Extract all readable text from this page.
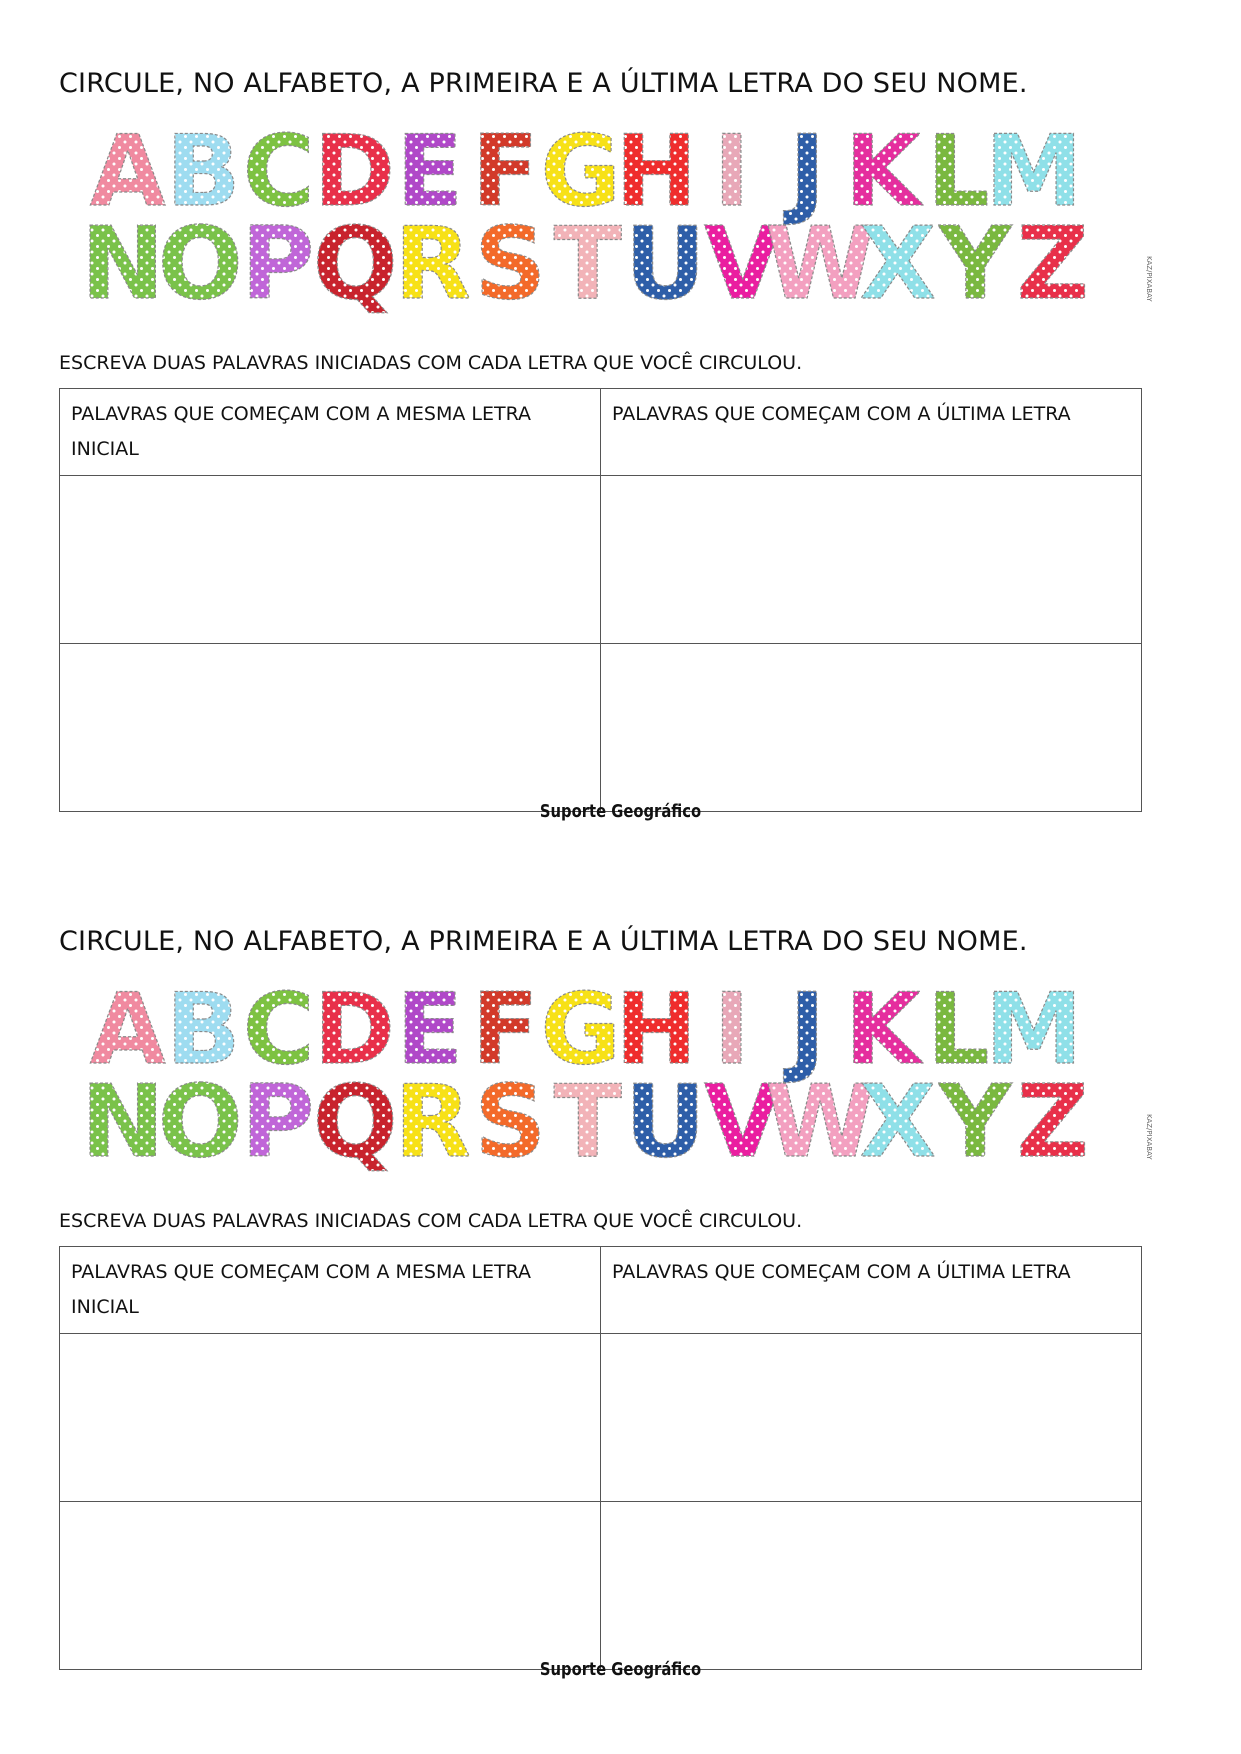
CIRCULE, NO ALFABETO, A PRIMEIRA E A ÚLTIMA LETRA DO SEU NOME.
A B C
D E F G
H I J K L
M
N
O
P
Q
R S T U
V
W
X Y Z	KAZ/PIXABAY
ESCREVA DUAS PALAVRAS INICIADAS COM CADA LETRA QUE VOCÊ CIRCULOU.
PALAVRAS QUE COMEÇAM COM A MESMA LETRA INICIAL	PALAVRAS QUE COMEÇAM COM A ÚLTIMA LETRA

Suporte Geográfico
CIRCULE, NO ALFABETO, A PRIMEIRA E A ÚLTIMA LETRA DO SEU NOME.
A B C
D E F G
H I J K L
M
N
O
P
Q
R S T U
V
W
X Y Z	KAZ/PIXABAY
ESCREVA DUAS PALAVRAS INICIADAS COM CADA LETRA QUE VOCÊ CIRCULOU.
PALAVRAS QUE COMEÇAM COM A MESMA LETRA INICIAL	PALAVRAS QUE COMEÇAM COM A ÚLTIMA LETRA

Suporte Geográfico
